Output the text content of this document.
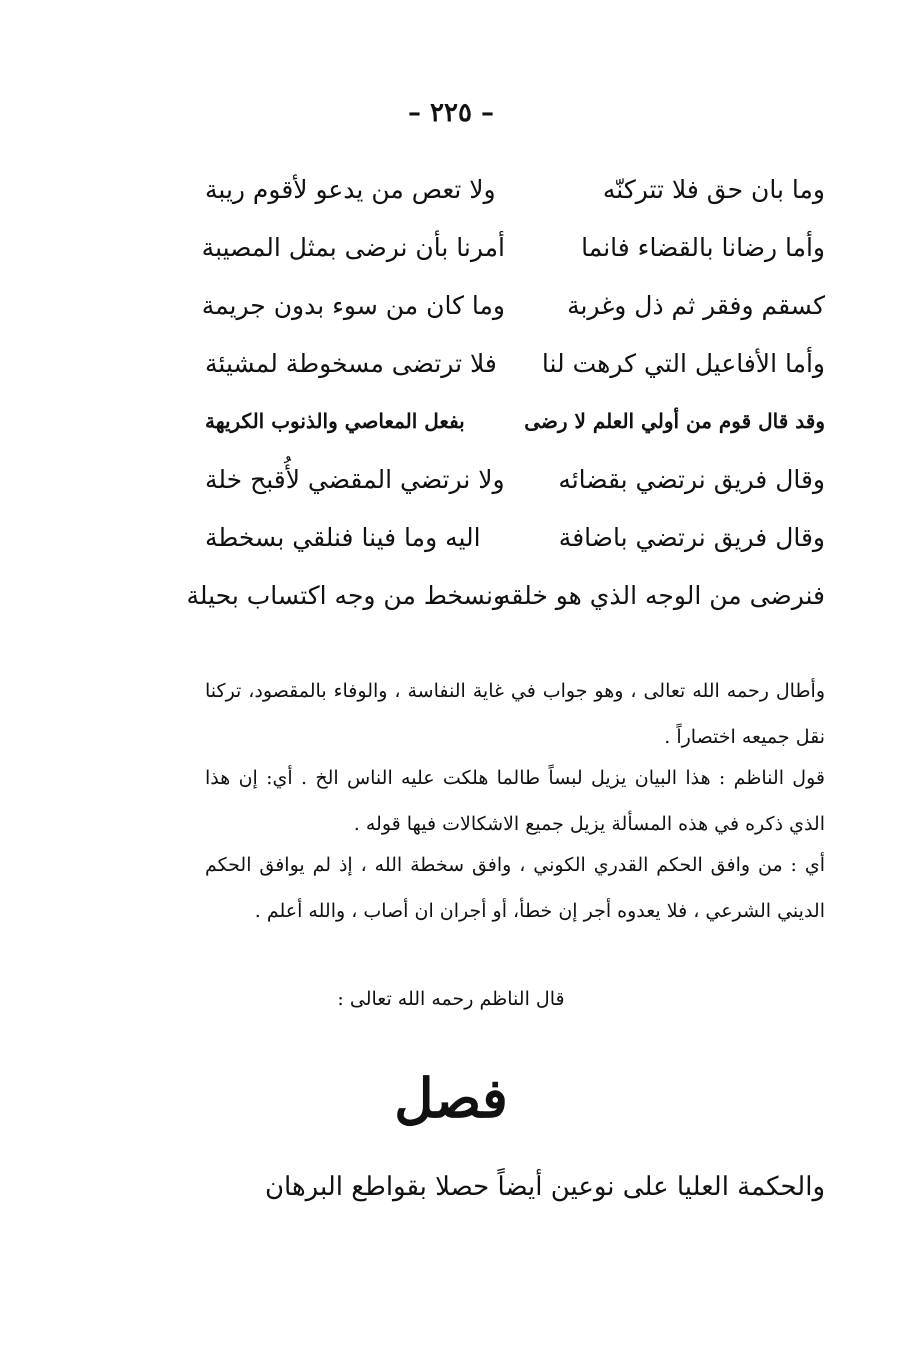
– ٢٢٥ –
وما بان حق فلا تتركنّه
ولا تعص من يدعو لأقوم ريبة
وأما رضانا بالقضاء فانما
أمرنا بأن نرضى بمثل المصيبة
كسقم وفقر ثم ذل وغربة
وما كان من سوء بدون جريمة
وأما الأفاعيل التي كرهت لنا
فلا ترتضى مسخوطة لمشيئة
وقد قال قوم من أولي العلم لا رضى
بفعل المعاصي والذنوب الكريهة
وقال فريق نرتضي بقضائه
ولا نرتضي المقضي لأُقبح خلة
وقال فريق نرتضي باضافة
اليه وما فينا فنلقي بسخطة
فنرضى من الوجه الذي هو خلقه
ونسخط من وجه اكتساب بحيلة

وأطال رحمه الله تعالى ، وهو جواب في غاية النفاسة ، والوفاء بالمقصود، تركنا نقل جميعه اختصاراً .

قول الناظم : هذا البيان يزيل لبساً طالما هلكت عليه الناس الخ . أي: إن هذا الذي ذكره في هذه المسألة يزيل جميع الاشكالات فيها قوله .

أي : من وافق الحكم القدري الكوني ، وافق سخطة الله ، إذ لم يوافق الحكم الديني الشرعي ، فلا يعدوه أجر إن خطأ، أو أجران ان أصاب ، والله أعلم .

قال الناظم رحمه الله تعالى :
فصل
والحكمة العليا على نوعين أيضاً حصلا بقواطع البرهان
